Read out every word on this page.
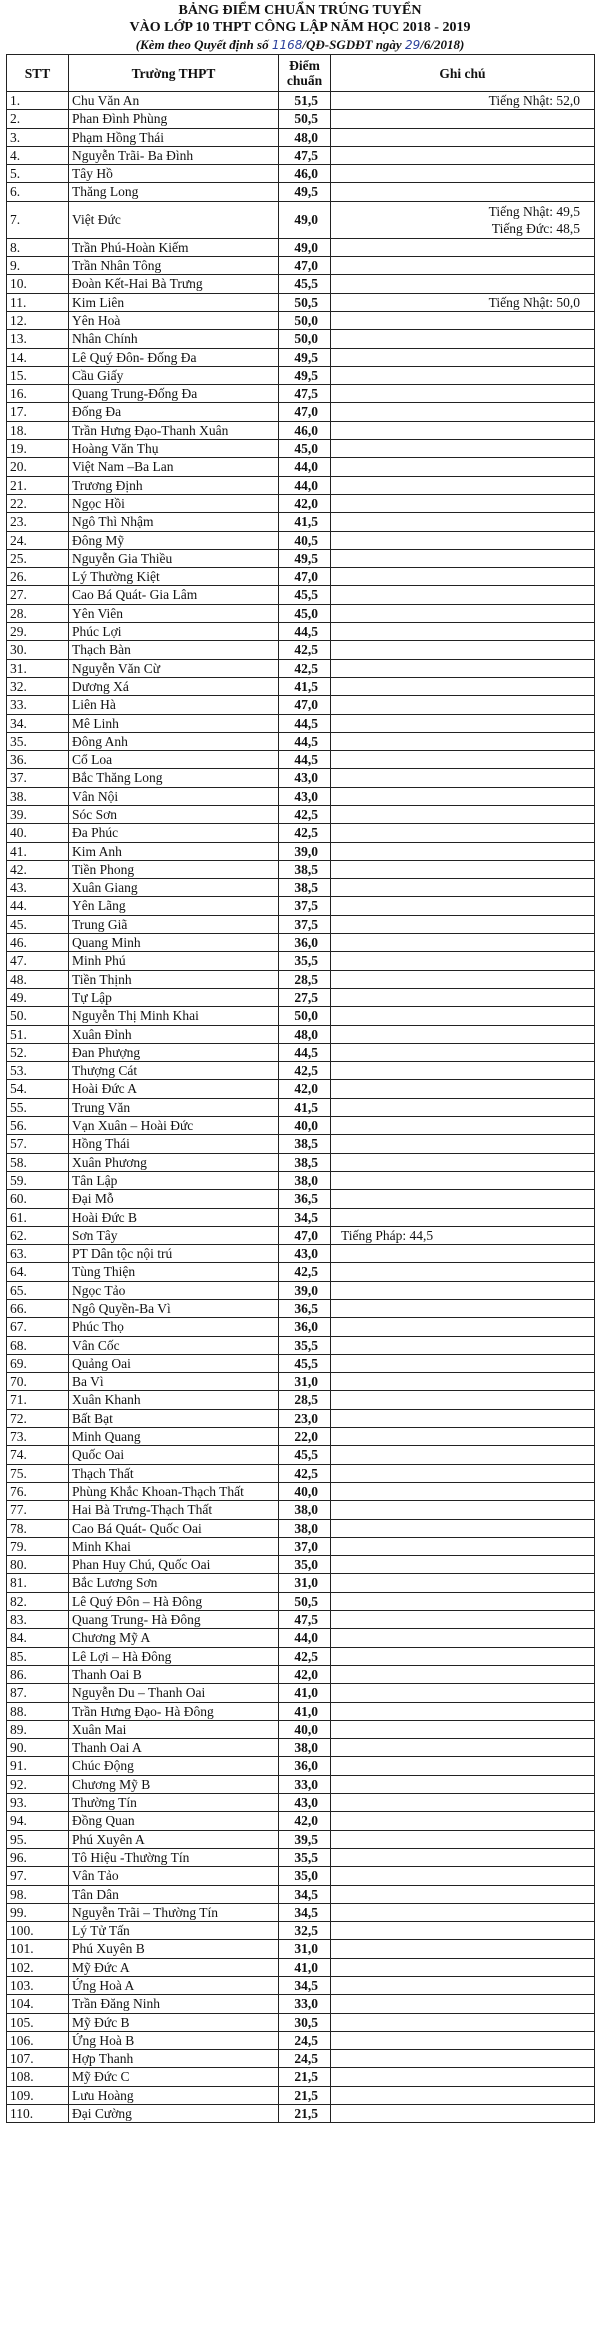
BẢNG ĐIỂM CHUẨN TRÚNG TUYỂN
VÀO LỚP 10 THPT CÔNG LẬP NĂM HỌC 2018 - 2019
(Kèm theo Quyết định số 1168/QĐ-SGDĐT ngày 29/6/2018)
STT	Trường THPT	Điểm chuẩn	Ghi chú
1.	Chu Văn An	51,5	Tiếng Nhật: 52,0

2.	Phan Đình Phùng	50,5	
3.	Phạm Hồng Thái	48,0	
4.	Nguyễn Trãi- Ba Đình	47,5	
5.	Tây Hồ	46,0	
6.	Thăng Long	49,5	
7.	Việt Đức	49,0	Tiếng Nhật: 49,5
Tiếng Đức: 48,5

8.	Trần Phú-Hoàn Kiếm	49,0	
9.	Trần Nhân Tông	47,0	
10.	Đoàn Kết-Hai Bà Trưng	45,5	
11.	Kim Liên	50,5	Tiếng Nhật: 50,0

12.	Yên Hoà	50,0	
13.	Nhân Chính	50,0	
14.	Lê Quý Đôn- Đống Đa	49,5	
15.	Cầu Giấy	49,5	
16.	Quang Trung-Đống Đa	47,5	
17.	Đống Đa	47,0	
18.	Trần Hưng Đạo-Thanh Xuân	46,0	
19.	Hoàng Văn Thụ	45,0	
20.	Việt Nam –Ba Lan	44,0	
21.	Trương Định	44,0	
22.	Ngọc Hồi	42,0	
23.	Ngô Thì Nhậm	41,5	
24.	Đông Mỹ	40,5	
25.	Nguyễn Gia Thiều	49,5	
26.	Lý Thường Kiệt	47,0	
27.	Cao Bá Quát- Gia Lâm	45,5	
28.	Yên Viên	45,0	
29.	Phúc Lợi	44,5	
30.	Thạch Bàn	42,5	
31.	Nguyễn Văn Cừ	42,5	
32.	Dương Xá	41,5	
33.	Liên Hà	47,0	
34.	Mê Linh	44,5	
35.	Đông Anh	44,5	
36.	Cổ Loa	44,5	
37.	Bắc Thăng Long	43,0	
38.	Vân Nội	43,0	
39.	Sóc Sơn	42,5	
40.	Đa Phúc	42,5	
41.	Kim Anh	39,0	
42.	Tiền Phong	38,5	
43.	Xuân Giang	38,5	
44.	Yên Lãng	37,5	
45.	Trung Giã	37,5	
46.	Quang Minh	36,0	
47.	Minh Phú	35,5	
48.	Tiền Thịnh	28,5	
49.	Tự Lập	27,5	
50.	Nguyễn Thị Minh Khai	50,0	
51.	Xuân Đỉnh	48,0	
52.	Đan Phượng	44,5	
53.	Thượng Cát	42,5	
54.	Hoài Đức A	42,0	
55.	Trung Văn	41,5	
56.	Vạn Xuân – Hoài Đức	40,0	
57.	Hồng Thái	38,5	
58.	Xuân Phương	38,5	
59.	Tân Lập	38,0	
60.	Đại Mỗ	36,5	
61.	Hoài Đức B	34,5	
62.	Sơn Tây	47,0	Tiếng Pháp: 44,5

63.	PT Dân tộc nội trú	43,0	
64.	Tùng Thiện	42,5	
65.	Ngọc Tảo	39,0	
66.	Ngô Quyền-Ba Vì	36,5	
67.	Phúc Thọ	36,0	
68.	Vân Cốc	35,5	
69.	Quảng Oai	45,5	
70.	Ba Vì	31,0	
71.	Xuân Khanh	28,5	
72.	Bất Bạt	23,0	
73.	Minh Quang	22,0	
74.	Quốc Oai	45,5	
75.	Thạch Thất	42,5	
76.	Phùng Khắc Khoan-Thạch Thất	40,0	
77.	Hai Bà Trưng-Thạch Thất	38,0	
78.	Cao Bá Quát- Quốc Oai	38,0	
79.	Minh Khai	37,0	
80.	Phan Huy Chú, Quốc Oai	35,0	
81.	Bắc Lương Sơn	31,0	
82.	Lê Quý Đôn – Hà Đông	50,5	
83.	Quang Trung- Hà Đông	47,5	
84.	Chương Mỹ A	44,0	
85.	Lê Lợi – Hà Đông	42,5	
86.	Thanh Oai B	42,0	
87.	Nguyễn Du – Thanh Oai	41,0	
88.	Trần Hưng Đạo- Hà Đông	41,0	
89.	Xuân Mai	40,0	
90.	Thanh Oai A	38,0	
91.	Chúc Động	36,0	
92.	Chương Mỹ B	33,0	
93.	Thường Tín	43,0	
94.	Đồng Quan	42,0	
95.	Phú Xuyên A	39,5	
96.	Tô Hiệu -Thường Tín	35,5	
97.	Vân Tảo	35,0	
98.	Tân Dân	34,5	
99.	Nguyễn Trãi – Thường Tín	34,5	
100.	Lý Tử Tấn	32,5	
101.	Phú Xuyên B	31,0	
102.	Mỹ Đức A	41,0	
103.	Ứng Hoà A	34,5	
104.	Trần Đăng Ninh	33,0	
105.	Mỹ Đức B	30,5	
106.	Ứng Hoà B	24,5	
107.	Hợp Thanh	24,5	
108.	Mỹ Đức C	21,5	
109.	Lưu Hoàng	21,5	
110.	Đại Cường	21,5	
